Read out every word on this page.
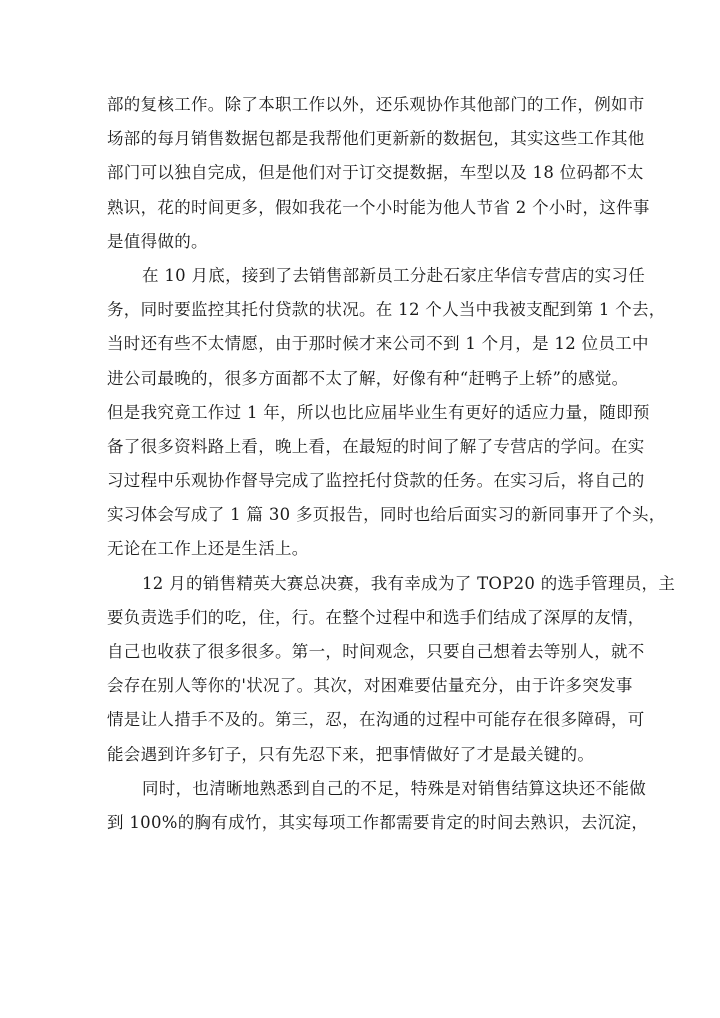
部的复核工作。除了本职工作以外，还乐观协作其他部门的工作，例如市
场部的每月销售数据包都是我帮他们更新新的数据包，其实这些工作其他
部门可以独自完成，但是他们对于订交提数据，车型以及 18 位码都不太
熟识，花的时间更多，假如我花一个小时能为他人节省 2 个小时，这件事
是值得做的。
在 10 月底，接到了去销售部新员工分赴石家庄华信专营店的实习任
务，同时要监控其托付贷款的状况。在 12 个人当中我被支配到第 1 个去，
当时还有些不太情愿，由于那时候才来公司不到 1 个月，是 12 位员工中
进公司最晚的，很多方面都不太了解，好像有种“赶鸭子上轿”的感觉。
但是我究竟工作过 1 年，所以也比应届毕业生有更好的适应力量，随即预
备了很多资料路上看，晚上看，在最短的时间了解了专营店的学问。在实
习过程中乐观协作督导完成了监控托付贷款的任务。在实习后，将自己的
实习体会写成了 1 篇 30 多页报告，同时也给后面实习的新同事开了个头，
无论在工作上还是生活上。
12 月的销售精英大赛总决赛，我有幸成为了 TOP20 的选手管理员，主
要负责选手们的吃，住，行。在整个过程中和选手们结成了深厚的友情，
自己也收获了很多很多。第一，时间观念，只要自己想着去等别人，就不
会存在别人等你的'状况了。其次，对困难要估量充分，由于许多突发事
情是让人措手不及的。第三，忍，在沟通的过程中可能存在很多障碍，可
能会遇到许多钉子，只有先忍下来，把事情做好了才是最关键的。
同时，也清晰地熟悉到自己的不足，特殊是对销售结算这块还不能做
到 100%的胸有成竹，其实每项工作都需要肯定的时间去熟识，去沉淀，
